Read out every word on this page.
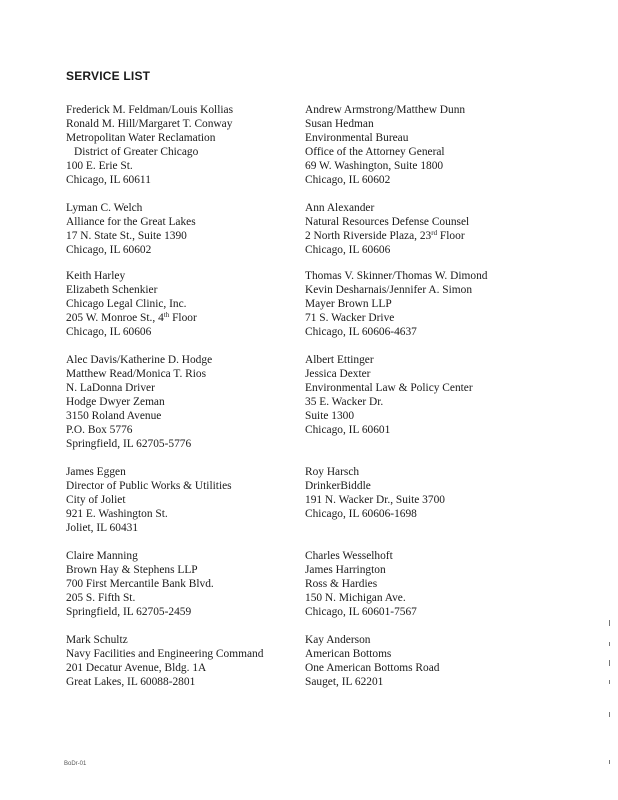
SERVICE LIST
Frederick M. Feldman/Louis Kollias
Ronald M. Hill/Margaret T. Conway
Metropolitan Water Reclamation
District of Greater Chicago
100 E. Erie St.
Chicago, IL 60611
Lyman C. Welch
Alliance for the Great Lakes
17 N. State St., Suite 1390
Chicago, IL 60602
Keith Harley
Elizabeth Schenkier
Chicago Legal Clinic, Inc.
205 W. Monroe St., 4th Floor
Chicago, IL 60606
Alec Davis/Katherine D. Hodge
Matthew Read/Monica T. Rios
N. LaDonna Driver
Hodge Dwyer Zeman
3150 Roland Avenue
P.O. Box 5776
Springfield, IL 62705-5776
James Eggen
Director of Public Works & Utilities
City of Joliet
921 E. Washington St.
Joliet, IL 60431
Claire Manning
Brown Hay & Stephens LLP
700 First Mercantile Bank Blvd.
205 S. Fifth St.
Springfield, IL 62705-2459
Mark Schultz
Navy Facilities and Engineering Command
201 Decatur Avenue, Bldg. 1A
Great Lakes, IL 60088-2801
Andrew Armstrong/Matthew Dunn
Susan Hedman
Environmental Bureau
Office of the Attorney General
69 W. Washington, Suite 1800
Chicago, IL 60602
Ann Alexander
Natural Resources Defense Counsel
2 North Riverside Plaza, 23rd Floor
Chicago, IL 60606
Thomas V. Skinner/Thomas W. Dimond
Kevin Desharnais/Jennifer A. Simon
Mayer Brown LLP
71 S. Wacker Drive
Chicago, IL 60606-4637
Albert Ettinger
Jessica Dexter
Environmental Law & Policy Center
35 E. Wacker Dr.
Suite 1300
Chicago, IL 60601
Roy Harsch
DrinkerBiddle
191 N. Wacker Dr., Suite 3700
Chicago, IL 60606-1698
Charles Wesselhoft
James Harrington
Ross & Hardies
150 N. Michigan Ave.
Chicago, IL 60601-7567
Kay Anderson
American Bottoms
One American Bottoms Road
Sauget, IL 62201
BoDr-01
